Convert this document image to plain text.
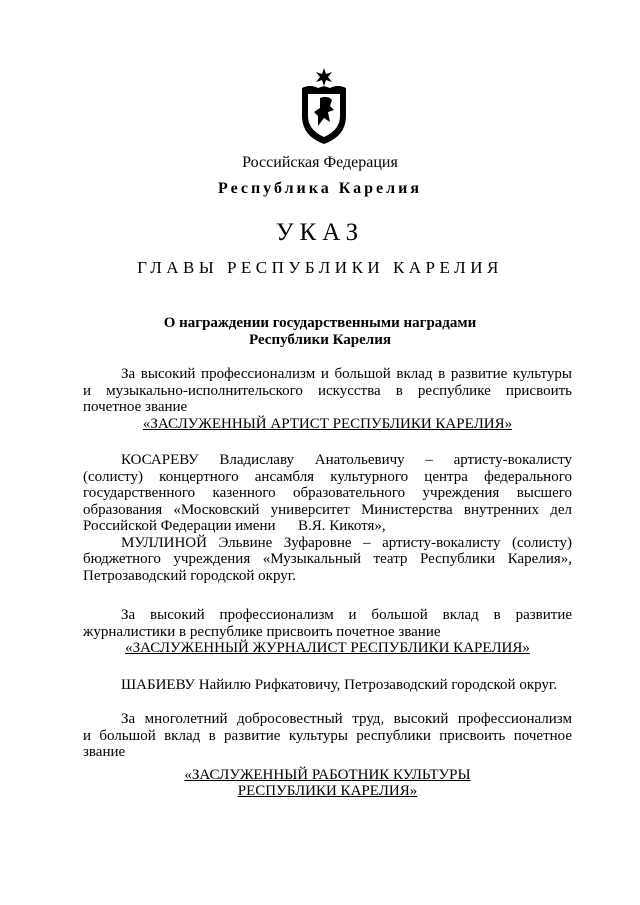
Российская Федерация
Республика Карелия
УКАЗ
ГЛАВЫ РЕСПУБЛИКИ КАРЕЛИЯ
О награждении государственными наградами
Республики Карелия
За высокий профессионализм и большой вклад в развитие культуры
и музыкально-исполнительского искусства в республике присвоить
почетное звание
«ЗАСЛУЖЕННЫЙ АРТИСТ РЕСПУБЛИКИ КАРЕЛИЯ»
КОСАРЕВУ Владиславу Анатольевичу – артисту-вокалисту
(солисту) концертного ансамбля культурного центра федерального
государственного казенного образовательного учреждения высшего
образования «Московский университет Министерства внутренних дел
Российской Федерации имени      В.Я. Кикотя»,
МУЛЛИНОЙ Эльвине Зуфаровне – артисту-вокалисту (солисту)
бюджетного учреждения «Музыкальный театр Республики Карелия»,
Петрозаводский городской округ.
За высокий профессионализм и большой вклад в развитие
журналистики в республике присвоить почетное звание
«ЗАСЛУЖЕННЫЙ ЖУРНАЛИСТ РЕСПУБЛИКИ КАРЕЛИЯ»
ШАБИЕВУ Найилю Рифкатовичу, Петрозаводский городской округ.
За многолетний добросовестный труд, высокий профессионализм
и большой вклад в развитие культуры республики присвоить почетное
звание
«ЗАСЛУЖЕННЫЙ РАБОТНИК КУЛЬТУРЫ
РЕСПУБЛИКИ КАРЕЛИЯ»
